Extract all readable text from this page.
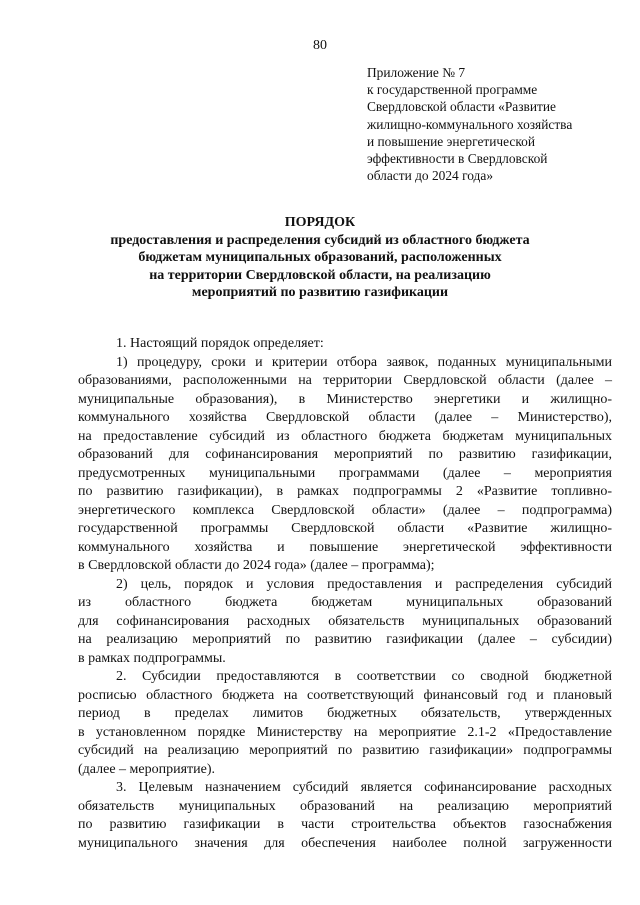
80
Приложение № 7
к государственной программе
Свердловской области «Развитие
жилищно-коммунального хозяйства
и повышение энергетической
эффективности в Свердловской
области до 2024 года»
ПОРЯДОК
предоставления и распределения субсидий из областного бюджета
бюджетам муниципальных образований, расположенных
на территории Свердловской области, на реализацию
мероприятий по развитию газификации
1. Настоящий порядок определяет:
1) процедуру, сроки и критерии отбора заявок, поданных муниципальными
образованиями, расположенными на территории Свердловской области (далее –
муниципальные образования), в Министерство энергетики и жилищно-
коммунального хозяйства Свердловской области (далее – Министерство),
на предоставление субсидий из областного бюджета бюджетам муниципальных
образований для софинансирования мероприятий по развитию газификации,
предусмотренных муниципальными программами (далее – мероприятия
по развитию газификации), в рамках подпрограммы 2 «Развитие топливно-
энергетического комплекса Свердловской области» (далее – подпрограмма)
государственной программы Свердловской области «Развитие жилищно-
коммунального хозяйства и повышение энергетической эффективности
в Свердловской области до 2024 года» (далее – программа);
2) цель, порядок и условия предоставления и распределения субсидий
из областного бюджета бюджетам муниципальных образований
для софинансирования расходных обязательств муниципальных образований
на реализацию мероприятий по развитию газификации (далее – субсидии)
в рамках подпрограммы.
2. Субсидии предоставляются в соответствии со сводной бюджетной
росписью областного бюджета на соответствующий финансовый год и плановый
период в пределах лимитов бюджетных обязательств, утвержденных
в установленном порядке Министерству на мероприятие 2.1-2 «Предоставление
субсидий на реализацию мероприятий по развитию газификации» подпрограммы
(далее – мероприятие).
3. Целевым назначением субсидий является софинансирование расходных
обязательств муниципальных образований на реализацию мероприятий
по развитию газификации в части строительства объектов газоснабжения
муниципального значения для обеспечения наиболее полной загруженности
